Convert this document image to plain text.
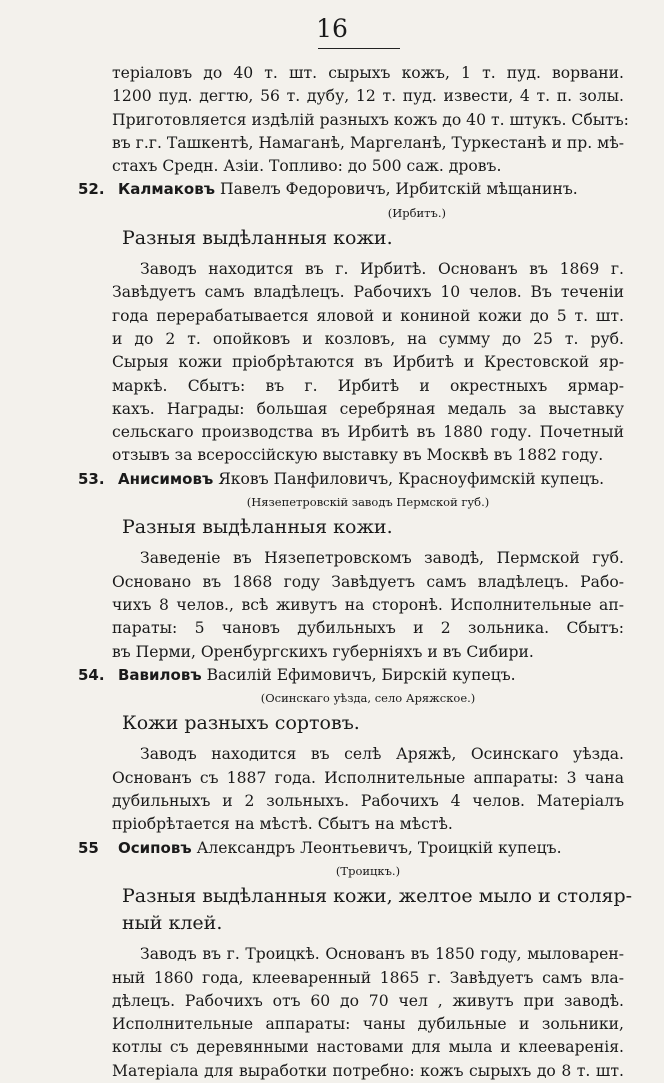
16
теріаловъ до 40 т. шт. сырыхъ кожъ, 1 т. пуд. ворвани.
1200 пуд. дегтю, 56 т. дубу, 12 т. пуд. извести, 4 т. п. золы.
Приготовляется издѣлій разныхъ кожъ до 40 т. штукъ. Сбытъ:
въ г.г. Ташкентѣ, Намаганѣ, Маргеланѣ, Туркестанѣ и пр. мѣ-
стахъ Средн. Азіи. Топливо: до 500 саж. дровъ.
52. Калмаковъ Павелъ Федоровичъ, Ирбитскій мѣщанинъ.
(Ирбитъ.)
Разныя выдѣланныя кожи.
Заводъ находится въ г. Ирбитѣ. Основанъ въ 1869 г.
Завѣдуетъ самъ владѣлецъ. Рабочихъ 10 челов. Въ теченіи
года перерабатывается яловой и кониной кожи до 5 т. шт.
и до 2 т. опойковъ и козловъ, на сумму до 25 т. руб.
Сырыя кожи пріобрѣтаются въ Ирбитѣ и Крестовской яр-
маркѣ. Сбытъ: въ г. Ирбитѣ и окрестныхъ ярмар-
кахъ. Награды: большая серебряная медаль за выставку
сельскаго производства въ Ирбитѣ въ 1880 году. Почетный
отзывъ за всероссійскую выставку въ Москвѣ въ 1882 году.
53. Анисимовъ Яковъ Панфиловичъ, Красноуфимскій купецъ.
(Нязепетровскій заводъ Пермской губ.)
Разныя выдѣланныя кожи.
Заведеніе въ Нязепетровскомъ заводѣ, Пермской губ.
Основано въ 1868 году Завѣдуетъ самъ владѣлецъ. Рабо-
чихъ 8 челов., всѣ живутъ на сторонѣ. Исполнительные ап-
параты: 5 чановъ дубильныхъ и 2 зольника. Сбытъ:
въ Перми, Оренбургскихъ губерніяхъ и въ Сибири.
54. Вавиловъ Василій Ефимовичъ, Бирскій купецъ.
(Осинскаго уѣзда, село Аряжское.)
Кожи разныхъ сортовъ.
Заводъ находится въ селѣ Аряжѣ, Осинскаго уѣзда.
Основанъ съ 1887 года. Исполнительные аппараты: 3 чана
дубильныхъ и 2 зольныхъ. Рабочихъ 4 челов. Матеріалъ
пріобрѣтается на мѣстѣ. Сбытъ на мѣстѣ.
55 Осиповъ Александръ Леонтьевичъ, Троицкій купецъ.
(Троицкъ.)
Разныя выдѣланныя кожи, желтое мыло и столяр-
ный клей.
Заводъ въ г. Троицкѣ. Основанъ въ 1850 году, мыловарен-
ный 1860 года, клееваренный 1865 г. Завѣдуетъ самъ вла-
дѣлецъ. Рабочихъ отъ 60 до 70 чел , живутъ при заводѣ.
Исполнительные аппараты: чаны дубильные и зольники,
котлы съ деревянными настовами для мыла и клееваренія.
Матеріала для выработки потребно: кожъ сырыхъ до 8 т. шт.
